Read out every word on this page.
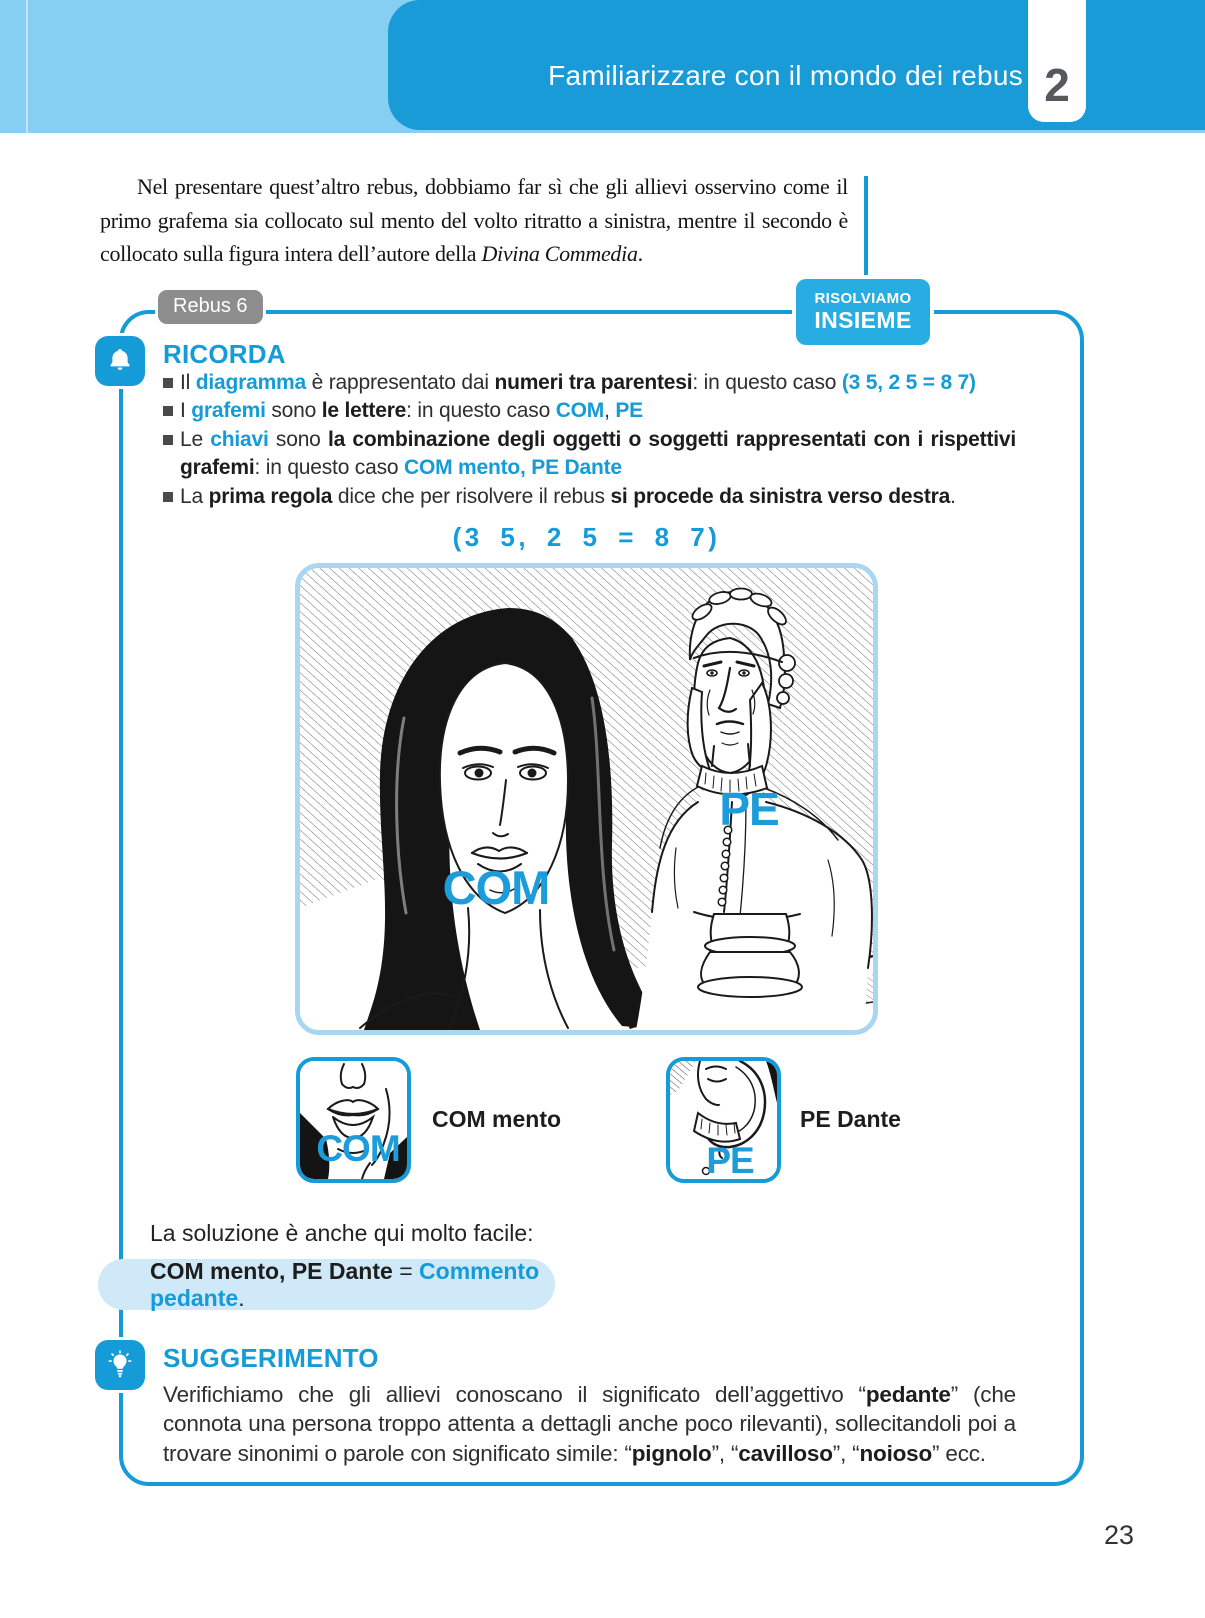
Familiarizzare con il mondo dei rebus 2

Nel presentare quest’altro rebus, dobbiamo far sì che gli allievi osservino come il primo grafema sia collocato sul mento del volto ritratto a sinistra, mentre il secondo è collocato sulla figura intera dell’autore della Divina Commedia.

Rebus 6	RISOLVIAMO
INSIEME
RICORDA
Il diagramma è rappresentato dai numeri tra parentesi: in questo caso (3 5, 2 5 = 8 7)
I grafemi sono le lettere: in questo caso COM, PE
Le chiavi sono la combinazione degli oggetti o soggetti rappresentati con i rispettivi grafemi: in questo caso COM mento, PE Dante
La prima regola dice che per risolvere il rebus si procede da sinistra verso destra.
(3 5, 2 5 = 8 7)
COM
PE
COM
COM mento
PE
PE Dante

La soluzione è anche qui molto facile:

COM mento, PE Dante = Commento pedante.
SUGGERIMENTO

Verifichiamo che gli allievi conoscano il significato dell’aggettivo “pedante” (che connota una persona troppo attenta a dettagli anche poco rilevanti), sollecitandoli poi a trovare sinonimi o parole con significato simile: “pignolo”, “cavilloso”, “noioso” ecc.

23
